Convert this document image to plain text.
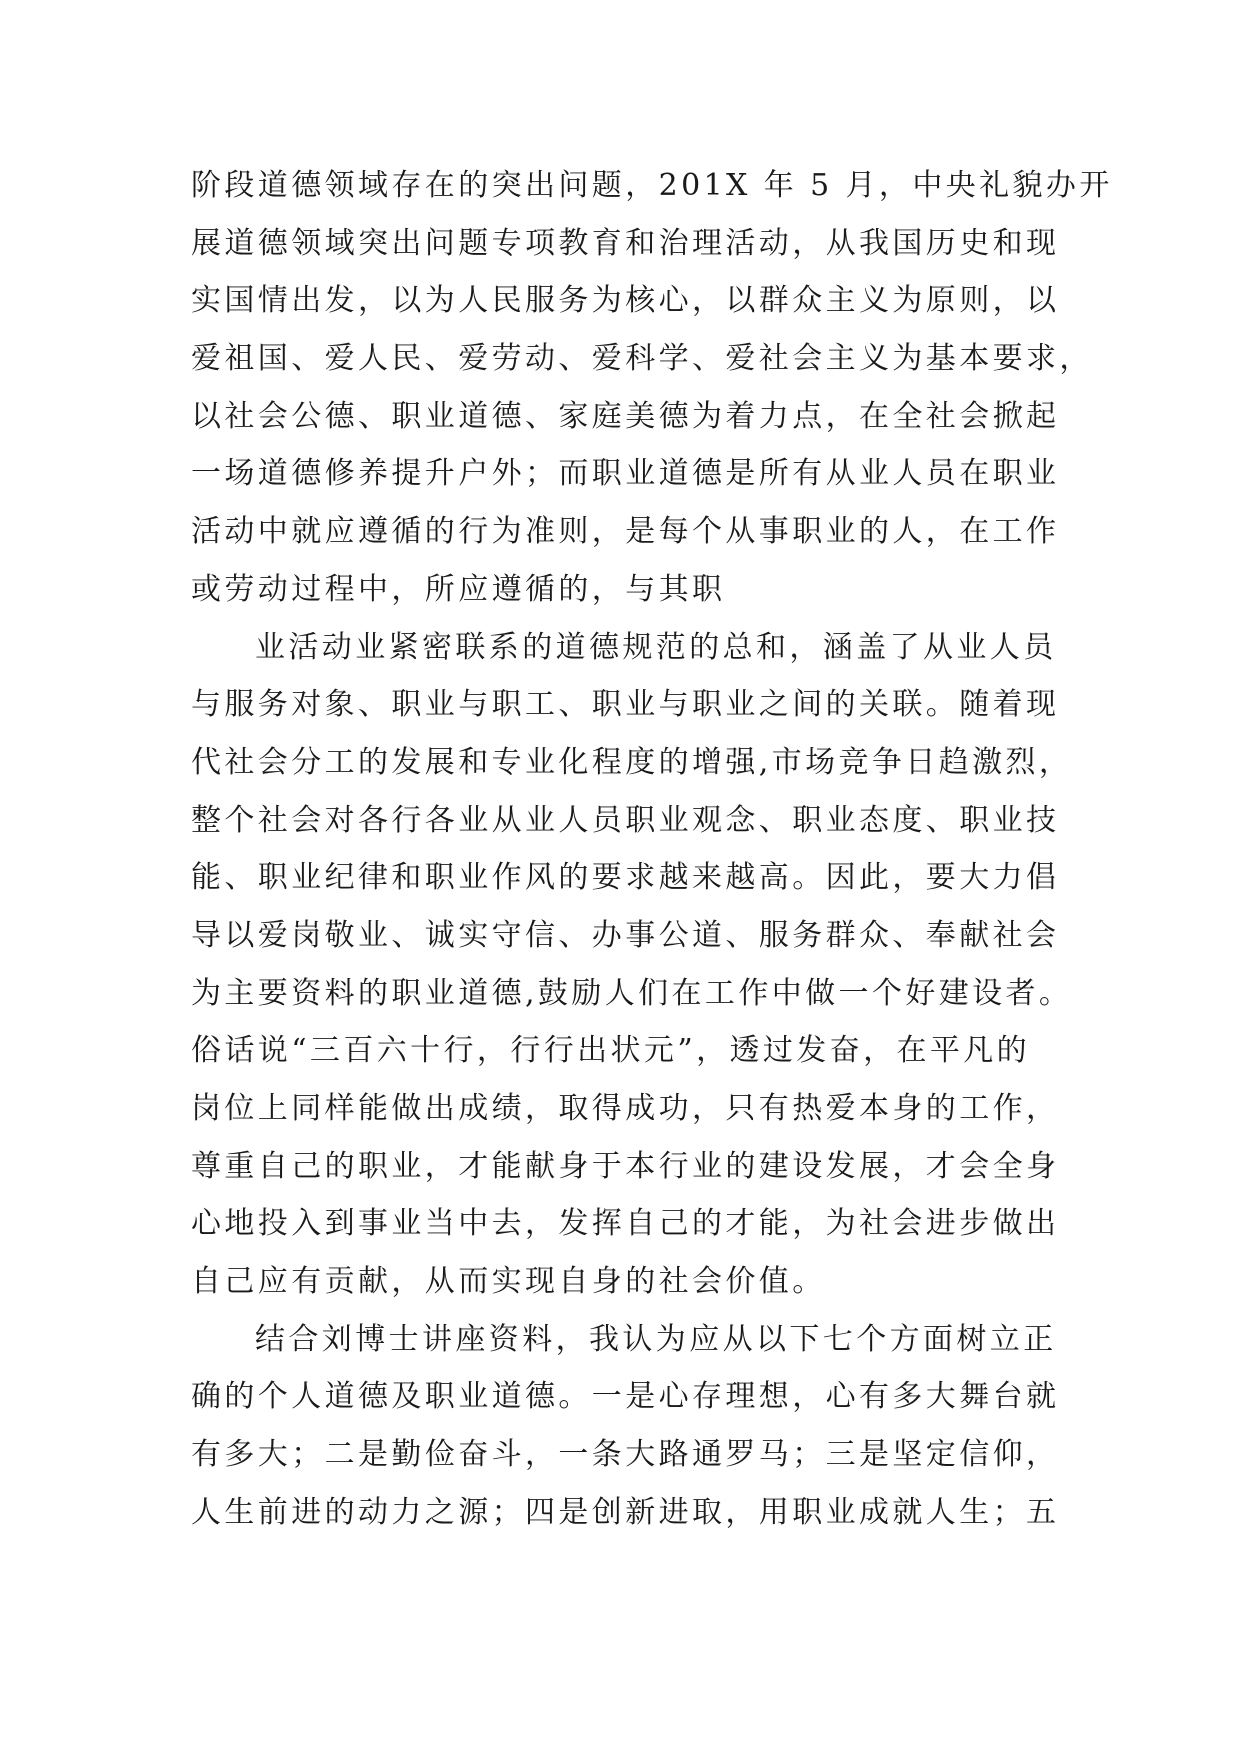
阶段道德领域存在的突出问题，201X 年 5 月，中央礼貌办开
展道德领域突出问题专项教育和治理活动，从我国历史和现
实国情出发，以为人民服务为核心，以群众主义为原则，以
爱祖国、爱人民、爱劳动、爱科学、爱社会主义为基本要求，
以社会公德、职业道德、家庭美德为着力点，在全社会掀起
一场道德修养提升户外；而职业道德是所有从业人员在职业
活动中就应遵循的行为准则，是每个从事职业的人，在工作
或劳动过程中，所应遵循的，与其职
业活动业紧密联系的道德规范的总和，涵盖了从业人员
与服务对象、职业与职工、职业与职业之间的关联。随着现
代社会分工的发展和专业化程度的增强,市场竞争日趋激烈，
整个社会对各行各业从业人员职业观念、职业态度、职业技
能、职业纪律和职业作风的要求越来越高。因此，要大力倡
导以爱岗敬业、诚实守信、办事公道、服务群众、奉献社会
为主要资料的职业道德,鼓励人们在工作中做一个好建设者。
俗话说“三百六十行，行行出状元”，透过发奋，在平凡的
岗位上同样能做出成绩，取得成功，只有热爱本身的工作，
尊重自己的职业，才能献身于本行业的建设发展，才会全身
心地投入到事业当中去，发挥自己的才能，为社会进步做出
自己应有贡献，从而实现自身的社会价值。
结合刘博士讲座资料，我认为应从以下七个方面树立正
确的个人道德及职业道德。一是心存理想，心有多大舞台就
有多大；二是勤俭奋斗，一条大路通罗马；三是坚定信仰，
人生前进的动力之源；四是创新进取，用职业成就人生；五
